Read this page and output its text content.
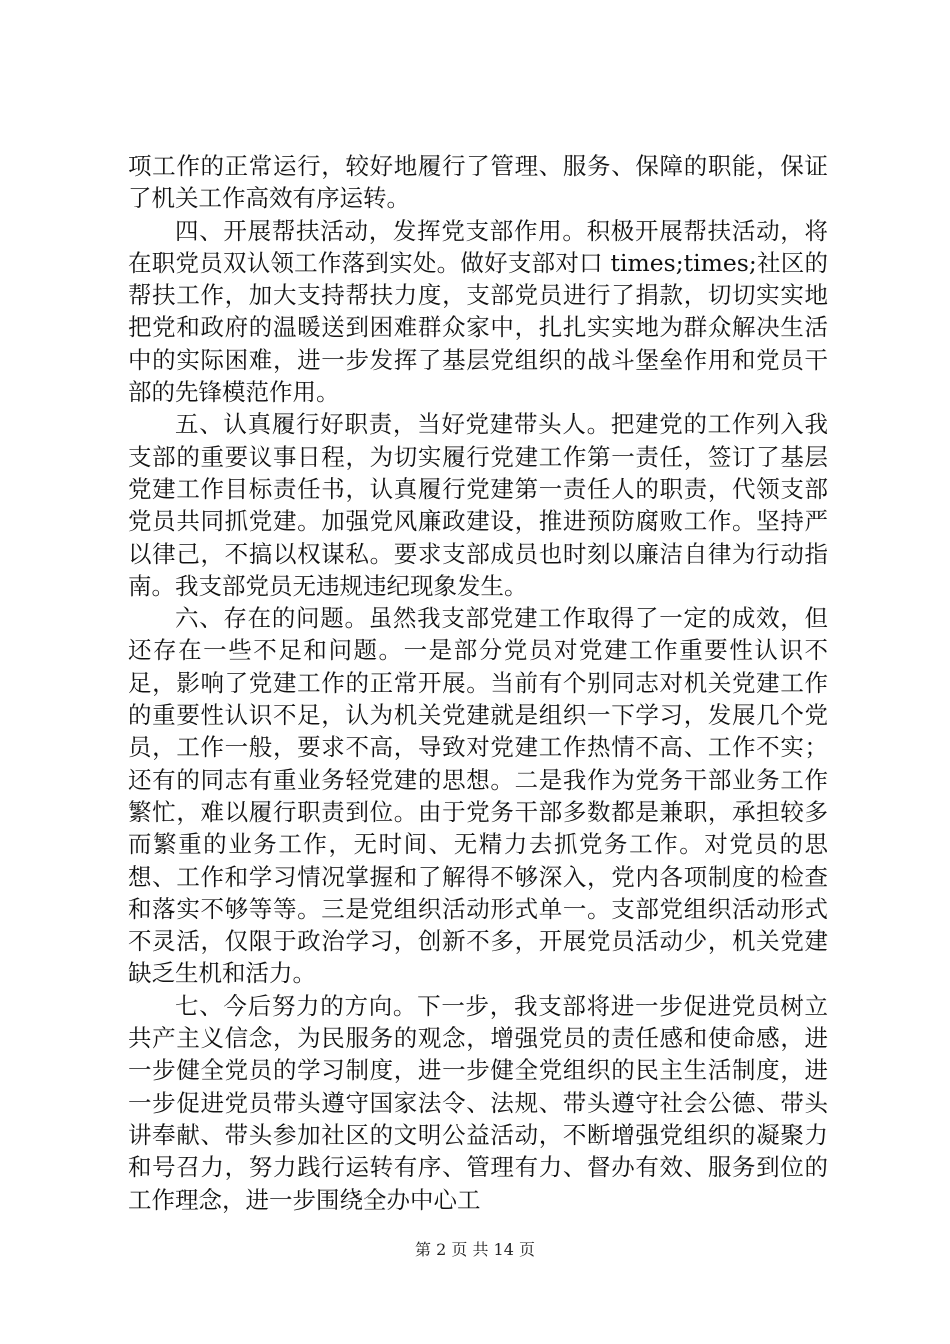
项工作的正常运行，较好地履行了管理、服务、保障的职能，保证了机关工作高效有序运转。

四、开展帮扶活动，发挥党支部作用。积极开展帮扶活动，将在职党员双认领工作落到实处。做好支部对口 times;times;社区的帮扶工作，加大支持帮扶力度，支部党员进行了捐款，切切实实地把党和政府的温暖送到困难群众家中，扎扎实实地为群众解决生活中的实际困难，进一步发挥了基层党组织的战斗堡垒作用和党员干部的先锋模范作用。

五、认真履行好职责，当好党建带头人。把建党的工作列入我支部的重要议事日程，为切实履行党建工作第一责任，签订了基层党建工作目标责任书，认真履行党建第一责任人的职责，代领支部党员共同抓党建。加强党风廉政建设，推进预防腐败工作。坚持严以律己，不搞以权谋私。要求支部成员也时刻以廉洁自律为行动指南。我支部党员无违规违纪现象发生。

六、存在的问题。虽然我支部党建工作取得了一定的成效，但还存在一些不足和问题。一是部分党员对党建工作重要性认识不足，影响了党建工作的正常开展。当前有个别同志对机关党建工作的重要性认识不足，认为机关党建就是组织一下学习，发展几个党员，工作一般，要求不高，导致对党建工作热情不高、工作不实；还有的同志有重业务轻党建的思想。二是我作为党务干部业务工作繁忙，难以履行职责到位。由于党务干部多数都是兼职，承担较多而繁重的业务工作，无时间、无精力去抓党务工作。对党员的思想、工作和学习情况掌握和了解得不够深入，党内各项制度的检查和落实不够等等。三是党组织活动形式单一。支部党组织活动形式不灵活，仅限于政治学习，创新不多，开展党员活动少，机关党建缺乏生机和活力。

七、今后努力的方向。下一步，我支部将进一步促进党员树立共产主义信念，为民服务的观念，增强党员的责任感和使命感，进一步健全党员的学习制度，进一步健全党组织的民主生活制度，进一步促进党员带头遵守国家法令、法规、带头遵守社会公德、带头讲奉献、带头参加社区的文明公益活动，不断增强党组织的凝聚力和号召力，努力践行运转有序、管理有力、督办有效、服务到位的工作理念，进一步围绕全办中心工

第 2 页 共 14 页
